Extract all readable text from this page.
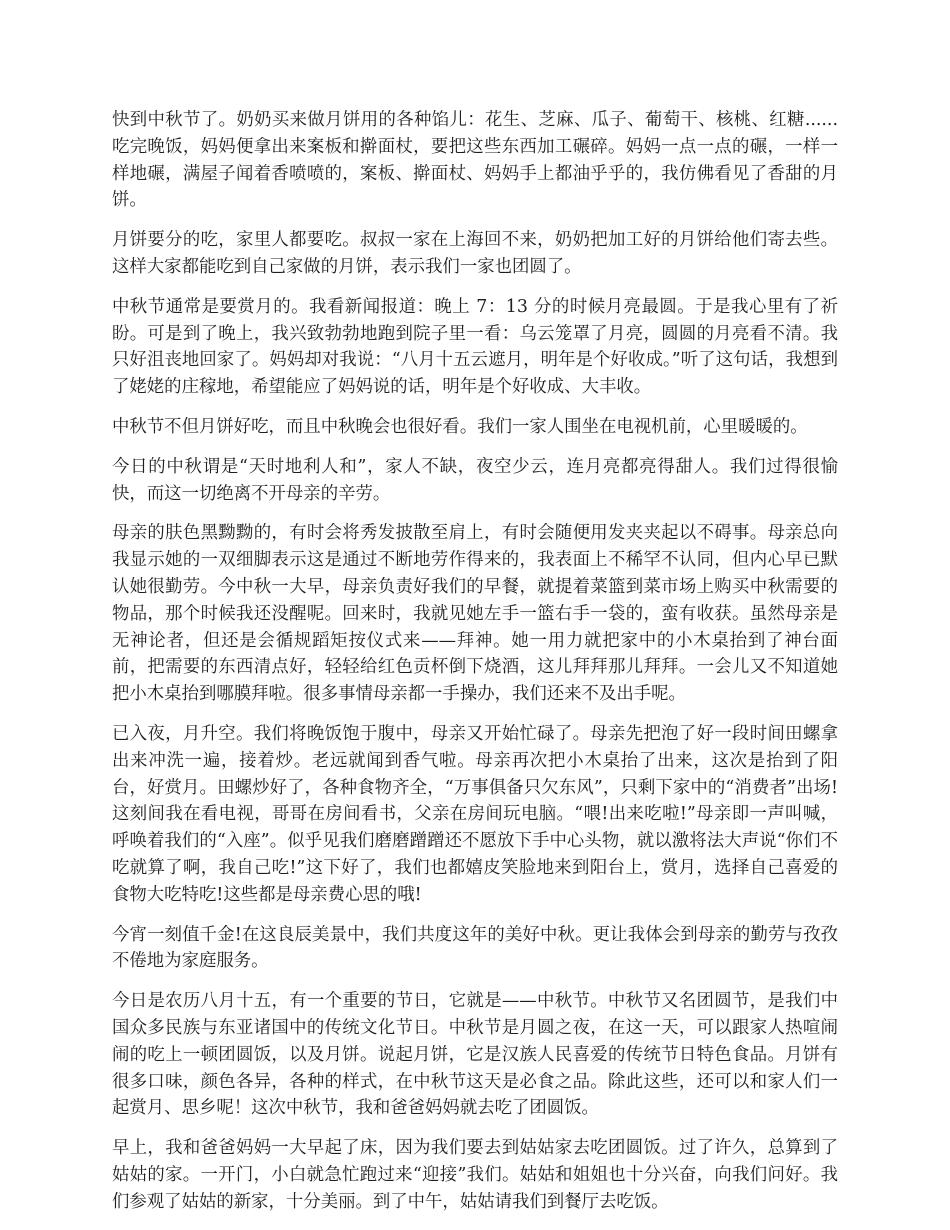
快到中秋节了。奶奶买来做月饼用的各种馅儿：花生、芝麻、瓜子、葡萄干、核桃、红糖......吃完晚饭，妈妈便拿出来案板和擀面杖，要把这些东西加工碾碎。妈妈一点一点的碾，一样一样地碾，满屋子闻着香喷喷的，案板、擀面杖、妈妈手上都油乎乎的，我仿佛看见了香甜的月饼。

月饼要分的吃，家里人都要吃。叔叔一家在上海回不来，奶奶把加工好的月饼给他们寄去些。这样大家都能吃到自己家做的月饼，表示我们一家也团圆了。

中秋节通常是要赏月的。我看新闻报道：晚上 7：13 分的时候月亮最圆。于是我心里有了祈盼。可是到了晚上，我兴致勃勃地跑到院子里一看：乌云笼罩了月亮，圆圆的月亮看不清。我只好沮丧地回家了。妈妈却对我说：“八月十五云遮月，明年是个好收成。”听了这句话，我想到了姥姥的庄稼地，希望能应了妈妈说的话，明年是个好收成、大丰收。

中秋节不但月饼好吃，而且中秋晚会也很好看。我们一家人围坐在电视机前，心里暖暖的。

今日的中秋谓是“天时地利人和”，家人不缺，夜空少云，连月亮都亮得甜人。我们过得很愉快，而这一切绝离不开母亲的辛劳。

母亲的肤色黑黝黝的，有时会将秀发披散至肩上，有时会随便用发夹夹起以不碍事。母亲总向我显示她的一双细脚表示这是通过不断地劳作得来的，我表面上不稀罕不认同，但内心早已默认她很勤劳。今中秋一大早，母亲负责好我们的早餐，就提着菜篮到菜市场上购买中秋需要的物品，那个时候我还没醒呢。回来时，我就见她左手一篮右手一袋的，蛮有收获。虽然母亲是无神论者，但还是会循规蹈矩按仪式来——拜神。她一用力就把家中的小木桌抬到了神台面前，把需要的东西清点好，轻轻给红色贡杯倒下烧酒，这儿拜拜那儿拜拜。一会儿又不知道她把小木桌抬到哪膜拜啦。很多事情母亲都一手操办，我们还来不及出手呢。

已入夜，月升空。我们将晚饭饱于腹中，母亲又开始忙碌了。母亲先把泡了好一段时间田螺拿出来冲洗一遍，接着炒。老远就闻到香气啦。母亲再次把小木桌抬了出来，这次是抬到了阳台，好赏月。田螺炒好了，各种食物齐全，“万事俱备只欠东风”，只剩下家中的“消费者”出场!这刻间我在看电视，哥哥在房间看书，父亲在房间玩电脑。“喂!出来吃啦!”母亲即一声叫喊，呼唤着我们的“入座”。似乎见我们磨磨蹭蹭还不愿放下手中心头物，就以激将法大声说“你们不吃就算了啊，我自己吃!”这下好了，我们也都嬉皮笑脸地来到阳台上，赏月，选择自己喜爱的食物大吃特吃!这些都是母亲费心思的哦!

今宵一刻值千金!在这良辰美景中，我们共度这年的美好中秋。更让我体会到母亲的勤劳与孜孜不倦地为家庭服务。

今日是农历八月十五，有一个重要的节日，它就是——中秋节。中秋节又名团圆节，是我们中国众多民族与东亚诸国中的传统文化节日。中秋节是月圆之夜，在这一天，可以跟家人热喧闹闹的吃上一顿团圆饭，以及月饼。说起月饼，它是汉族人民喜爱的传统节日特色食品。月饼有很多口味，颜色各异，各种的样式，在中秋节这天是必食之品。除此这些，还可以和家人们一起赏月、思乡呢！这次中秋节，我和爸爸妈妈就去吃了团圆饭。

早上，我和爸爸妈妈一大早起了床，因为我们要去到姑姑家去吃团圆饭。过了许久，总算到了姑姑的家。一开门，小白就急忙跑过来“迎接”我们。姑姑和姐姐也十分兴奋，向我们问好。我们参观了姑姑的新家，十分美丽。到了中午，姑姑请我们到餐厅去吃饭。
